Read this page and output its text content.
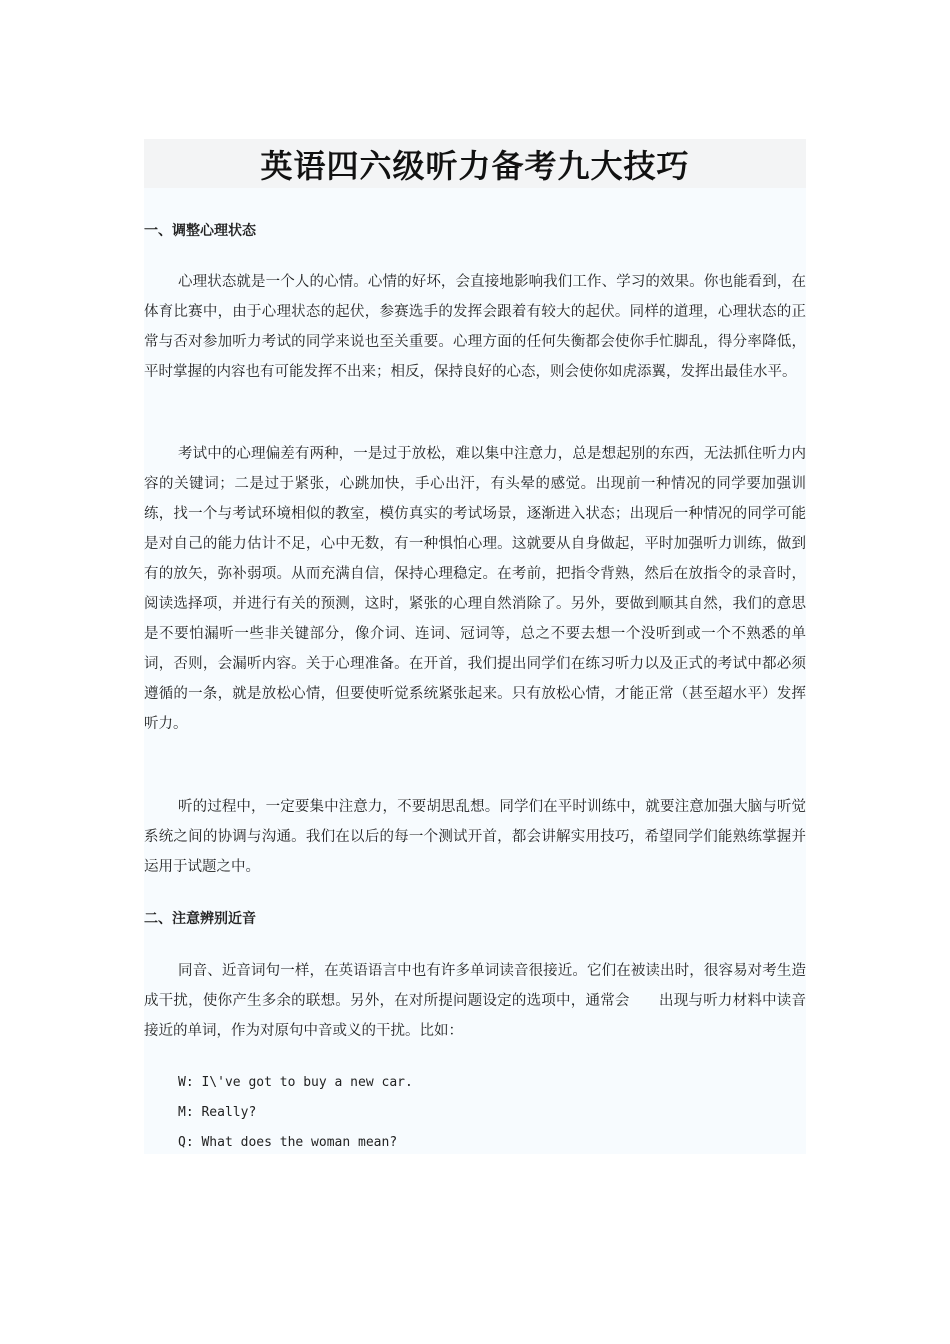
英语四六级听力备考九大技巧
一、调整心理状态

心理状态就是一个人的心情。心情的好坏，会直接地影响我们工作、学习的效果。你也能看到，在体育比赛中，由于心理状态的起伏，参赛选手的发挥会跟着有较大的起伏。同样的道理，心理状态的正常与否对参加听力考试的同学来说也至关重要。心理方面的任何失衡都会使你手忙脚乱，得分率降低，平时掌握的内容也有可能发挥不出来；相反，保持良好的心态，则会使你如虎添翼，发挥出最佳水平。

考试中的心理偏差有两种，一是过于放松，难以集中注意力，总是想起别的东西，无法抓住听力内容的关键词；二是过于紧张，心跳加快，手心出汗，有头晕的感觉。出现前一种情况的同学要加强训练，找一个与考试环境相似的教室，模仿真实的考试场景，逐渐进入状态；出现后一种情况的同学可能是对自己的能力估计不足，心中无数，有一种惧怕心理。这就要从自身做起，平时加强听力训练，做到有的放矢，弥补弱项。从而充满自信，保持心理稳定。在考前，把指令背熟，然后在放指令的录音时，阅读选择项，并进行有关的预测，这时，紧张的心理自然消除了。另外，要做到顺其自然，我们的意思是不要怕漏听一些非关键部分，像介词、连词、冠词等，总之不要去想一个没听到或一个不熟悉的单词，否则，会漏听内容。关于心理准备。在开首，我们提出同学们在练习听力以及正式的考试中都必须遵循的一条，就是放松心情，但要使听觉系统紧张起来。只有放松心情，才能正常（甚至超水平）发挥听力。

听的过程中，一定要集中注意力，不要胡思乱想。同学们在平时训练中，就要注意加强大脑与听觉系统之间的协调与沟通。我们在以后的每一个测试开首，都会讲解实用技巧，希望同学们能熟练掌握并运用于试题之中。

二、注意辨别近音

同音、近音词句一样，在英语语言中也有许多单词读音很接近。它们在被读出时，很容易对考生造成干扰，使你产生多余的联想。另外，在对所提问题设定的选项中，通常会　　出现与听力材料中读音接近的单词，作为对原句中音或义的干扰。比如：

W: I\'ve got to buy a new car.
M: Really?
Q: What does the woman mean?
